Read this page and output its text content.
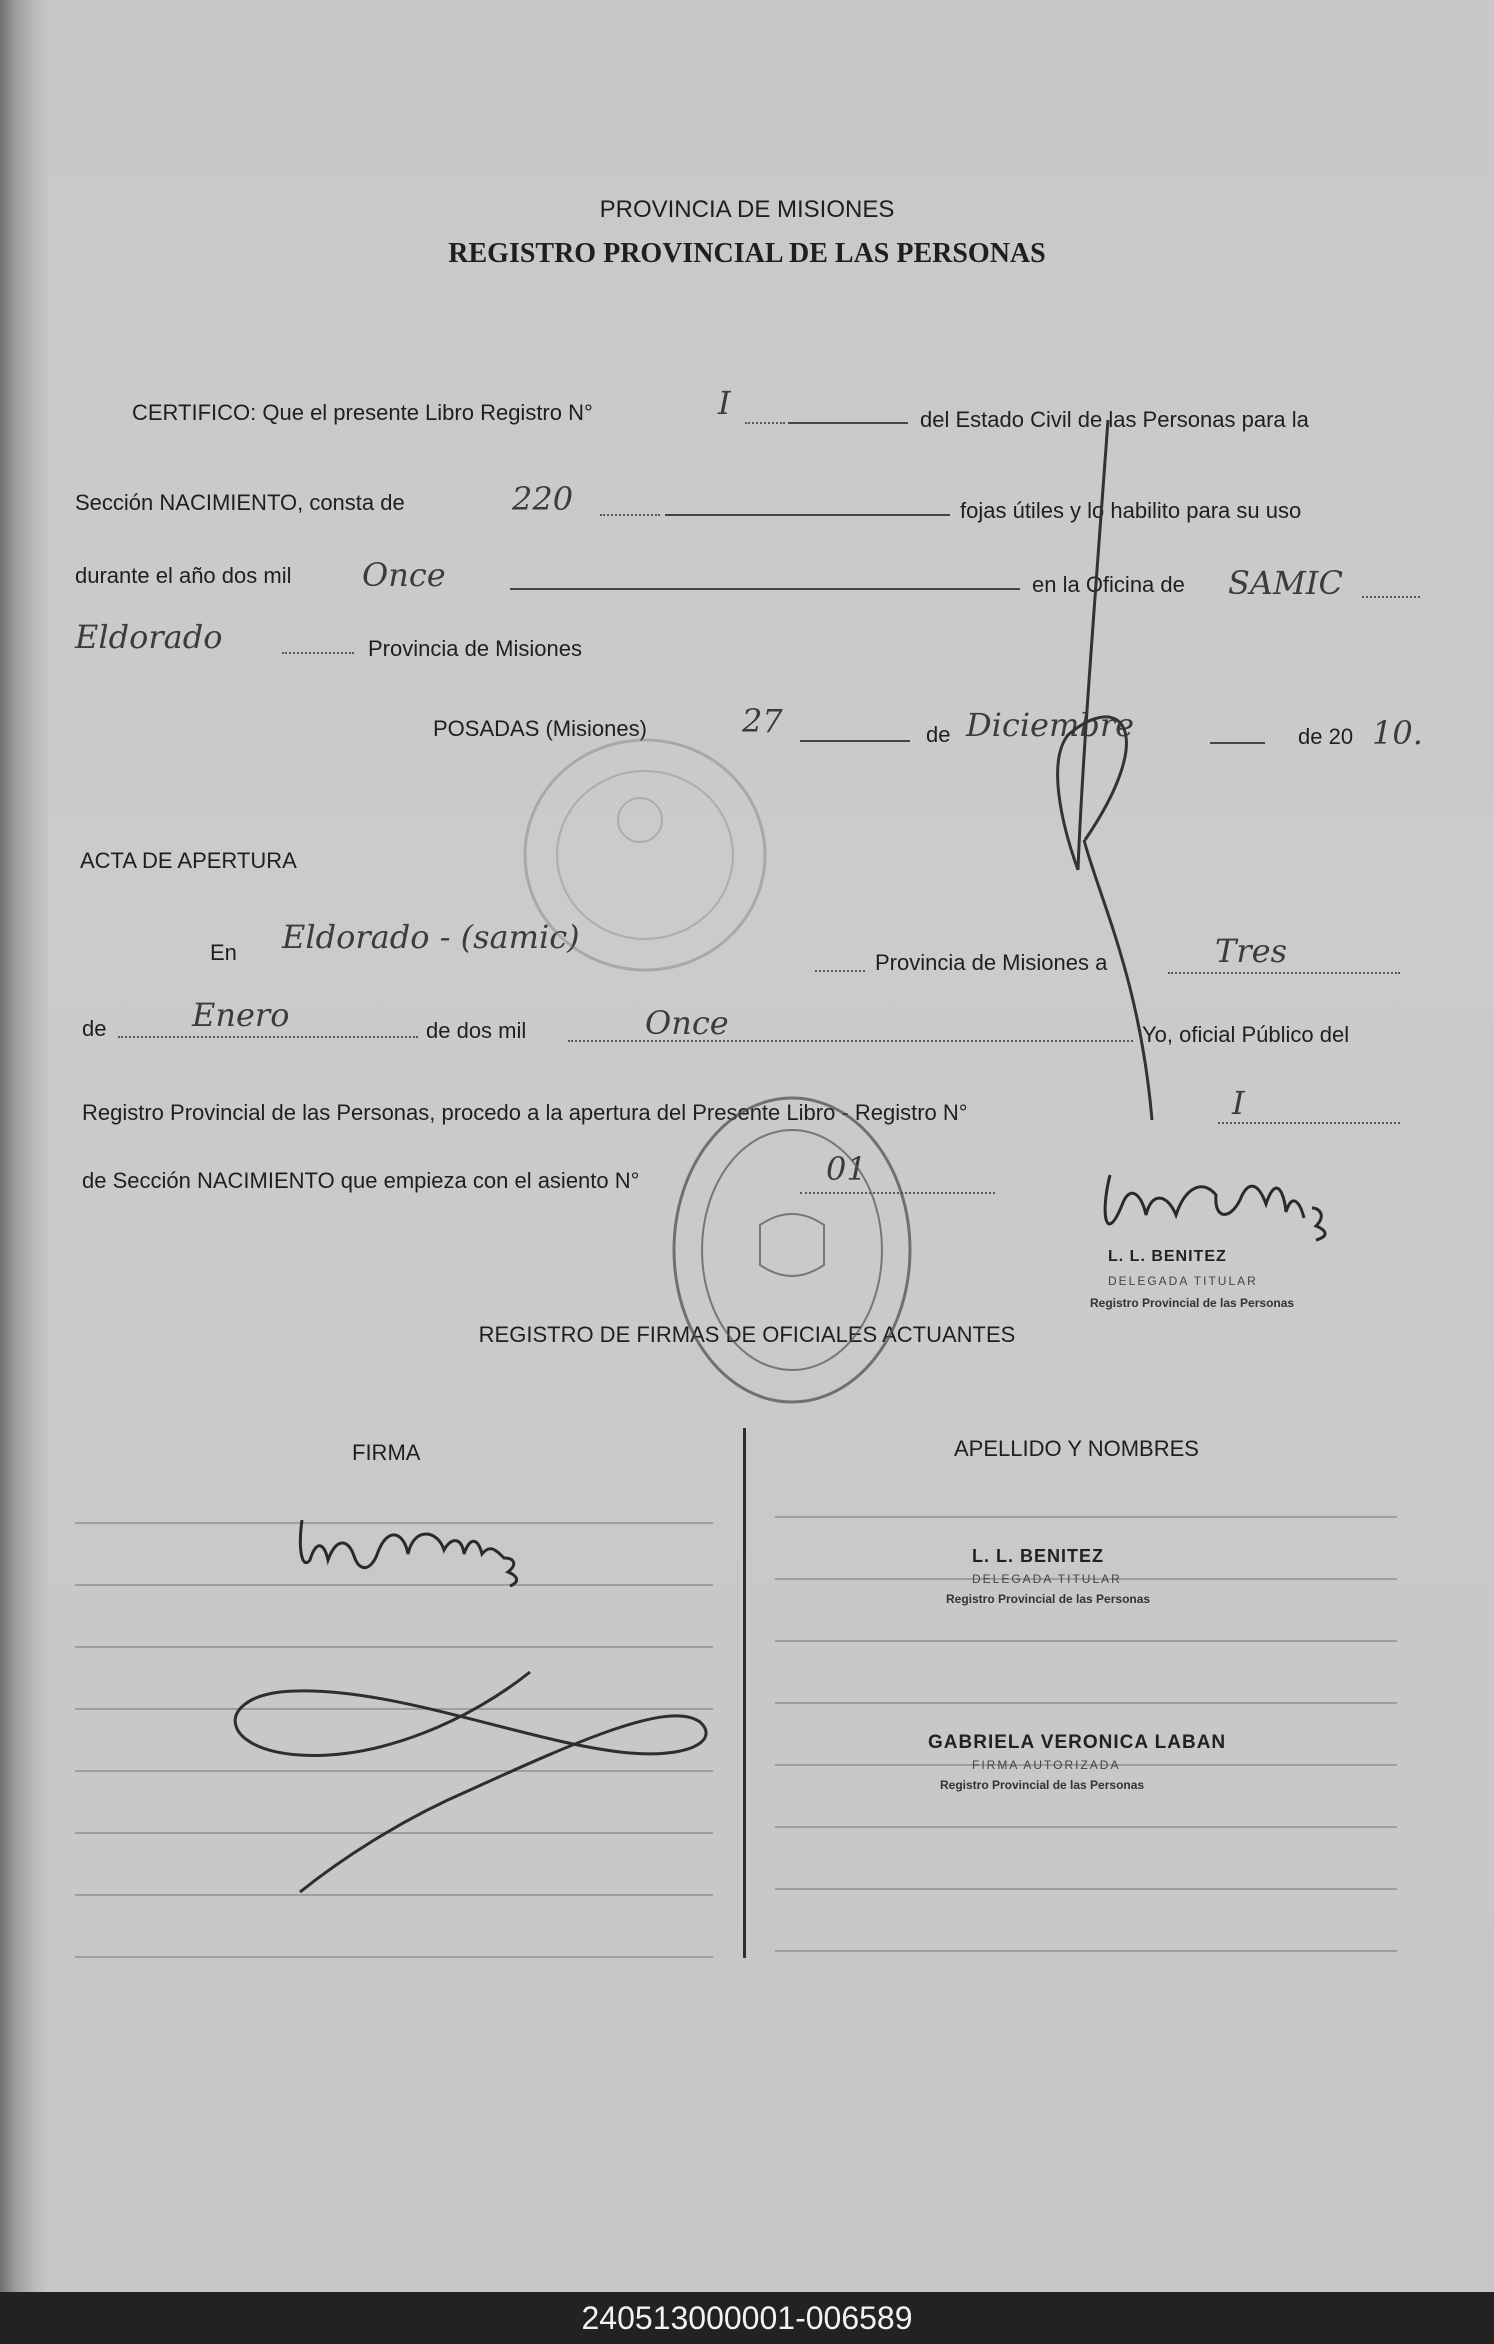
PROVINCIA DE MISIONES
REGISTRO PROVINCIAL DE LAS PERSONAS
CERTIFICO: Que el presente Libro Registro N°	I	del Estado Civil de las Personas para la
Sección NACIMIENTO, consta de	220	fojas útiles y lo habilito para su uso
durante el año dos mil Once	en la Oficina de SAMIC
Eldorado	Provincia de Misiones
POSADAS (Misiones)	27	de Diciembre	de 20 10.
ACTA DE APERTURA
En Eldorado - (samic)
Provincia de Misiones a	Tres
de	Enero	de dos mil	Once	Yo, oficial Público del
Registro Provincial de las Personas, procedo a la apertura del Presente Libro - Registro N°	I
de Sección NACIMIENTO que empieza con el asiento N°	01
L. L. BENITEZ
DELEGADA TITULAR
Registro Provincial de las Personas
REGISTRO DE FIRMAS DE OFICIALES ACTUANTES
FIRMA	APELLIDO Y NOMBRES
L. L. BENITEZ
DELEGADA TITULAR
Registro Provincial de las Personas
GABRIELA VERONICA LABAN
FIRMA AUTORIZADA
Registro Provincial de las Personas
240513000001-006589
